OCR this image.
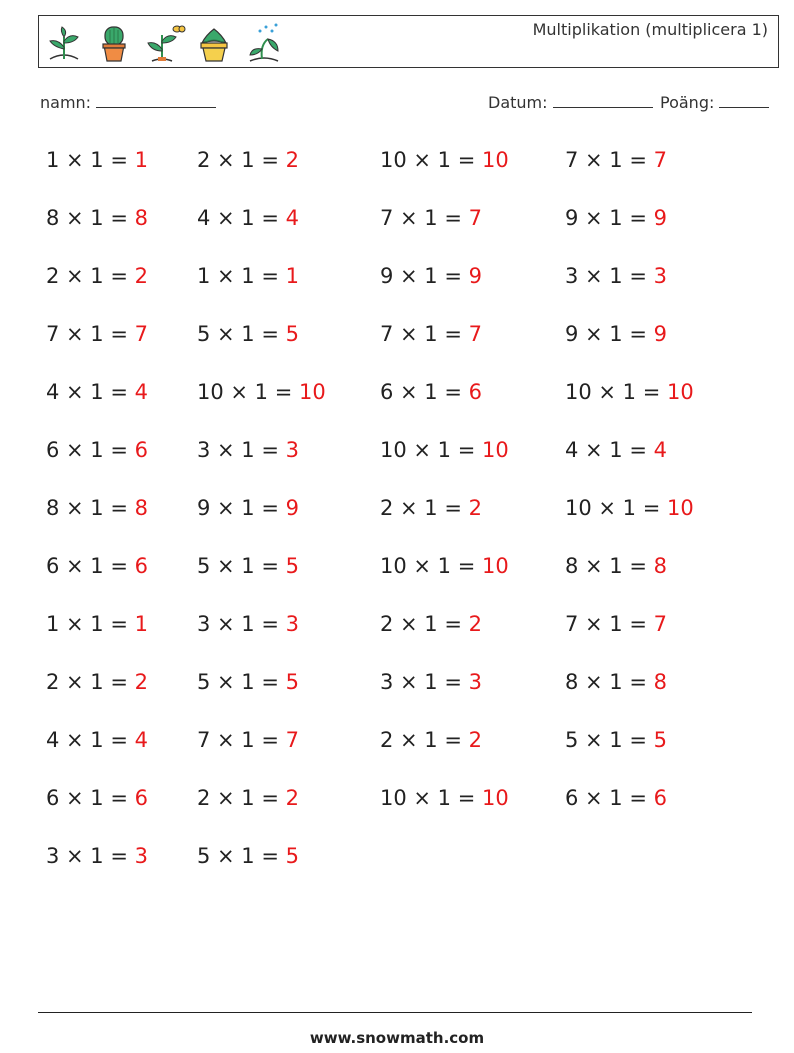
Multiplikation (multiplicera 1)
namn:	Datum:	Poäng:
1 × 1 = 1
8 × 1 = 8
2 × 1 = 2
7 × 1 = 7
4 × 1 = 4
6 × 1 = 6
8 × 1 = 8
6 × 1 = 6
1 × 1 = 1
2 × 1 = 2
4 × 1 = 4
6 × 1 = 6
3 × 1 = 3
2 × 1 = 2
4 × 1 = 4
1 × 1 = 1
5 × 1 = 5
10 × 1 = 10
3 × 1 = 3
9 × 1 = 9
5 × 1 = 5
3 × 1 = 3
5 × 1 = 5
7 × 1 = 7
2 × 1 = 2
5 × 1 = 5
10 × 1 = 10
7 × 1 = 7
9 × 1 = 9
7 × 1 = 7
6 × 1 = 6
10 × 1 = 10
2 × 1 = 2
10 × 1 = 10
2 × 1 = 2
3 × 1 = 3
2 × 1 = 2
10 × 1 = 10
7 × 1 = 7
9 × 1 = 9
3 × 1 = 3
9 × 1 = 9
10 × 1 = 10
4 × 1 = 4
10 × 1 = 10
8 × 1 = 8
7 × 1 = 7
8 × 1 = 8
5 × 1 = 5
6 × 1 = 6
www.snowmath.com
